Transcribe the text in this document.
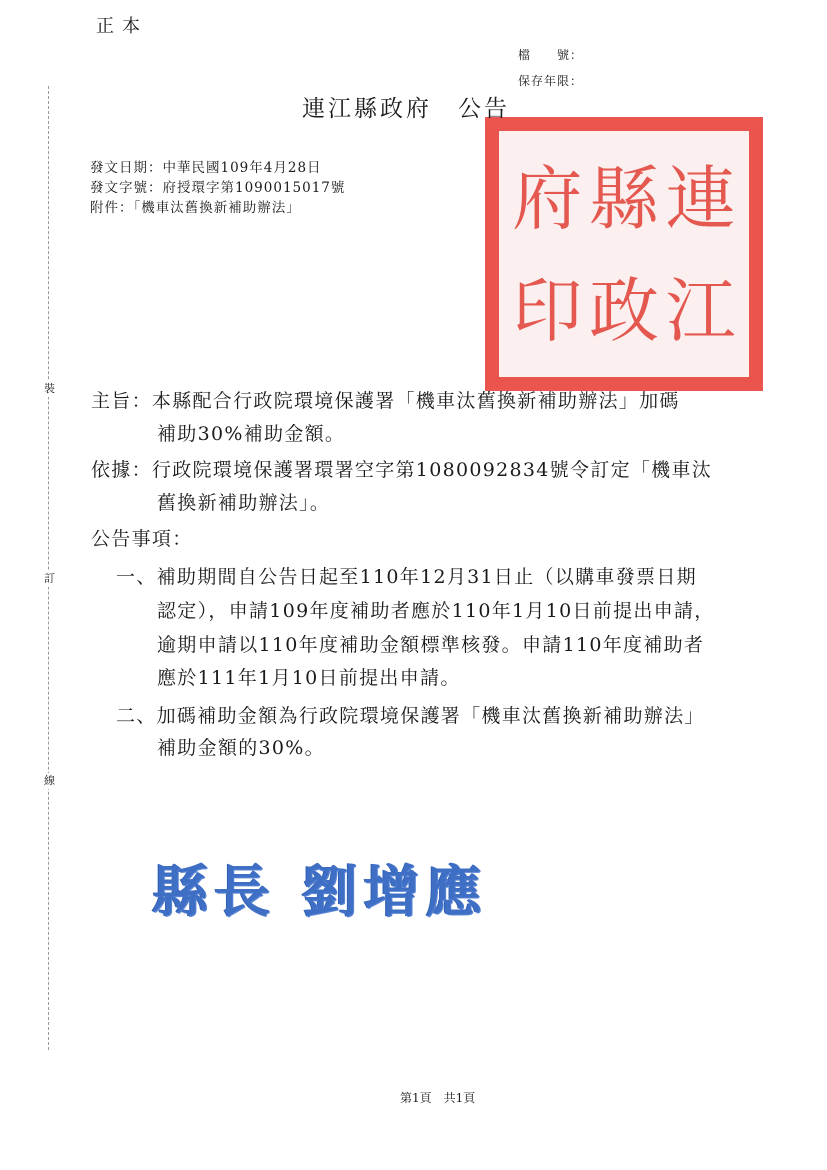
正本
檔　　號：
保存年限：
裝
訂
線
府 縣 連
印 政 江
連江縣政府 公告
發文日期：中華民國109年4月28日
發文字號：府授環字第1090015017號
附件：「機車汰舊換新補助辦法」
主旨：本縣配合行政院環境保護署「機車汰舊換新補助辦法」加碼
補助30%補助金額。
依據：行政院環境保護署環署空字第1080092834號令訂定「機車汰
舊換新補助辦法」。
公告事項：
一、補助期間自公告日起至110年12月31日止（以購車發票日期
認定），申請109年度補助者應於110年1月10日前提出申請，
逾期申請以110年度補助金額標準核發。申請110年度補助者
應於111年1月10日前提出申請。
二、加碼補助金額為行政院環境保護署「機車汰舊換新補助辦法」
補助金額的30%。
縣長 劉增應
第1頁　共1頁
